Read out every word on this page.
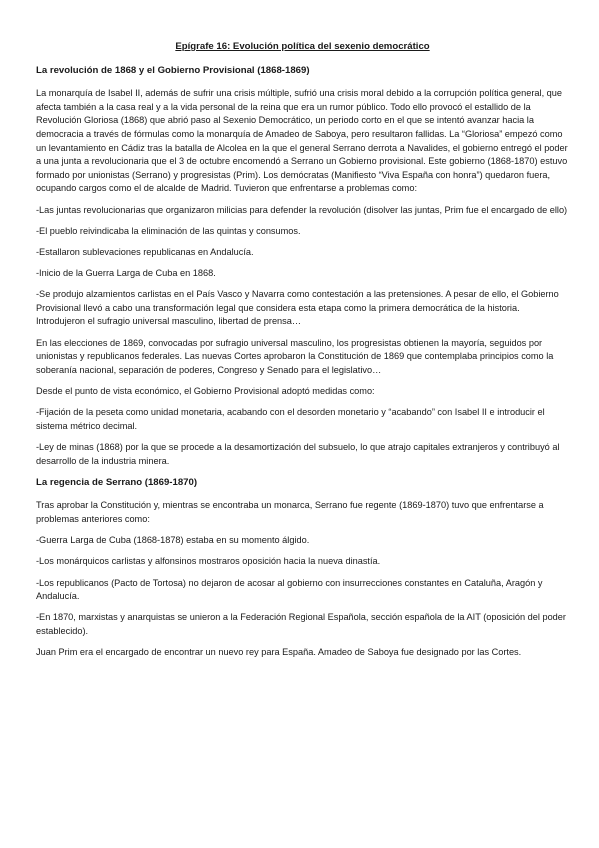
Epígrafe 16: Evolución política del sexenio democrático
La revolución de 1868 y el Gobierno Provisional (1868-1869)

La monarquía de Isabel II, además de sufrir una crisis múltiple, sufrió una crisis moral debido a la corrupción política general, que afecta también a la casa real y a la vida personal de la reina que era un rumor público. Todo ello provocó el estallido de la Revolución Gloriosa (1868) que abrió paso al Sexenio Democrático, un periodo corto en el que se intentó avanzar hacia la democracia a través de fórmulas como la monarquía de Amadeo de Saboya, pero resultaron fallidas. La “Gloriosa” empezó como un levantamiento en Cádiz tras la batalla de Alcolea en la que el general Serrano derrota a Navalides, el gobierno entregó el poder a una junta a revolucionaria que el 3 de octubre encomendó a Serrano un Gobierno provisional. Este gobierno (1868-1870) estuvo formado por unionistas (Serrano) y progresistas (Prim). Los demócratas (Manifiesto “Viva España con honra”) quedaron fuera, ocupando cargos como el de alcalde de Madrid. Tuvieron que enfrentarse a problemas como:

-Las juntas revolucionarias que organizaron milicias para defender la revolución (disolver las juntas, Prim fue el encargado de ello)

-El pueblo reivindicaba la eliminación de las quintas y consumos.

-Estallaron sublevaciones republicanas en Andalucía.

-Inicio de la Guerra Larga de Cuba en 1868.

-Se produjo alzamientos carlistas en el País Vasco y Navarra como contestación a las pretensiones. A pesar de ello, el Gobierno Provisional llevó a cabo una transformación legal que considera esta etapa como la primera democrática de la historia. Introdujeron el sufragio universal masculino, libertad de prensa…

En las elecciones de 1869, convocadas por sufragio universal masculino, los progresistas obtienen la mayoría, seguidos por unionistas y republicanos federales. Las nuevas Cortes aprobaron la Constitución de 1869 que contemplaba principios como la soberanía nacional, separación de poderes, Congreso y Senado para el legislativo…

Desde el punto de vista económico, el Gobierno Provisional adoptó medidas como:

-Fijación de la peseta como unidad monetaria, acabando con el desorden monetario y “acabando” con Isabel II e introducir el sistema métrico decimal.

-Ley de minas (1868) por la que se procede a la desamortización del subsuelo, lo que atrajo capitales extranjeros y contribuyó al desarrollo de la industria minera.

La regencia de Serrano (1869-1870)

Tras aprobar la Constitución y, mientras se encontraba un monarca, Serrano fue regente (1869-1870) tuvo que enfrentarse a problemas anteriores como:

-Guerra Larga de Cuba (1868-1878) estaba en su momento álgido.

-Los monárquicos carlistas y alfonsinos mostraros oposición hacia la nueva dinastía.

-Los republicanos (Pacto de Tortosa) no dejaron de acosar al gobierno con insurrecciones constantes en Cataluña, Aragón y Andalucía.

-En 1870, marxistas y anarquistas se unieron a la Federación Regional Española, sección española de la AIT (oposición del poder establecido).

Juan Prim era el encargado de encontrar un nuevo rey para España. Amadeo de Saboya fue designado por las Cortes.
